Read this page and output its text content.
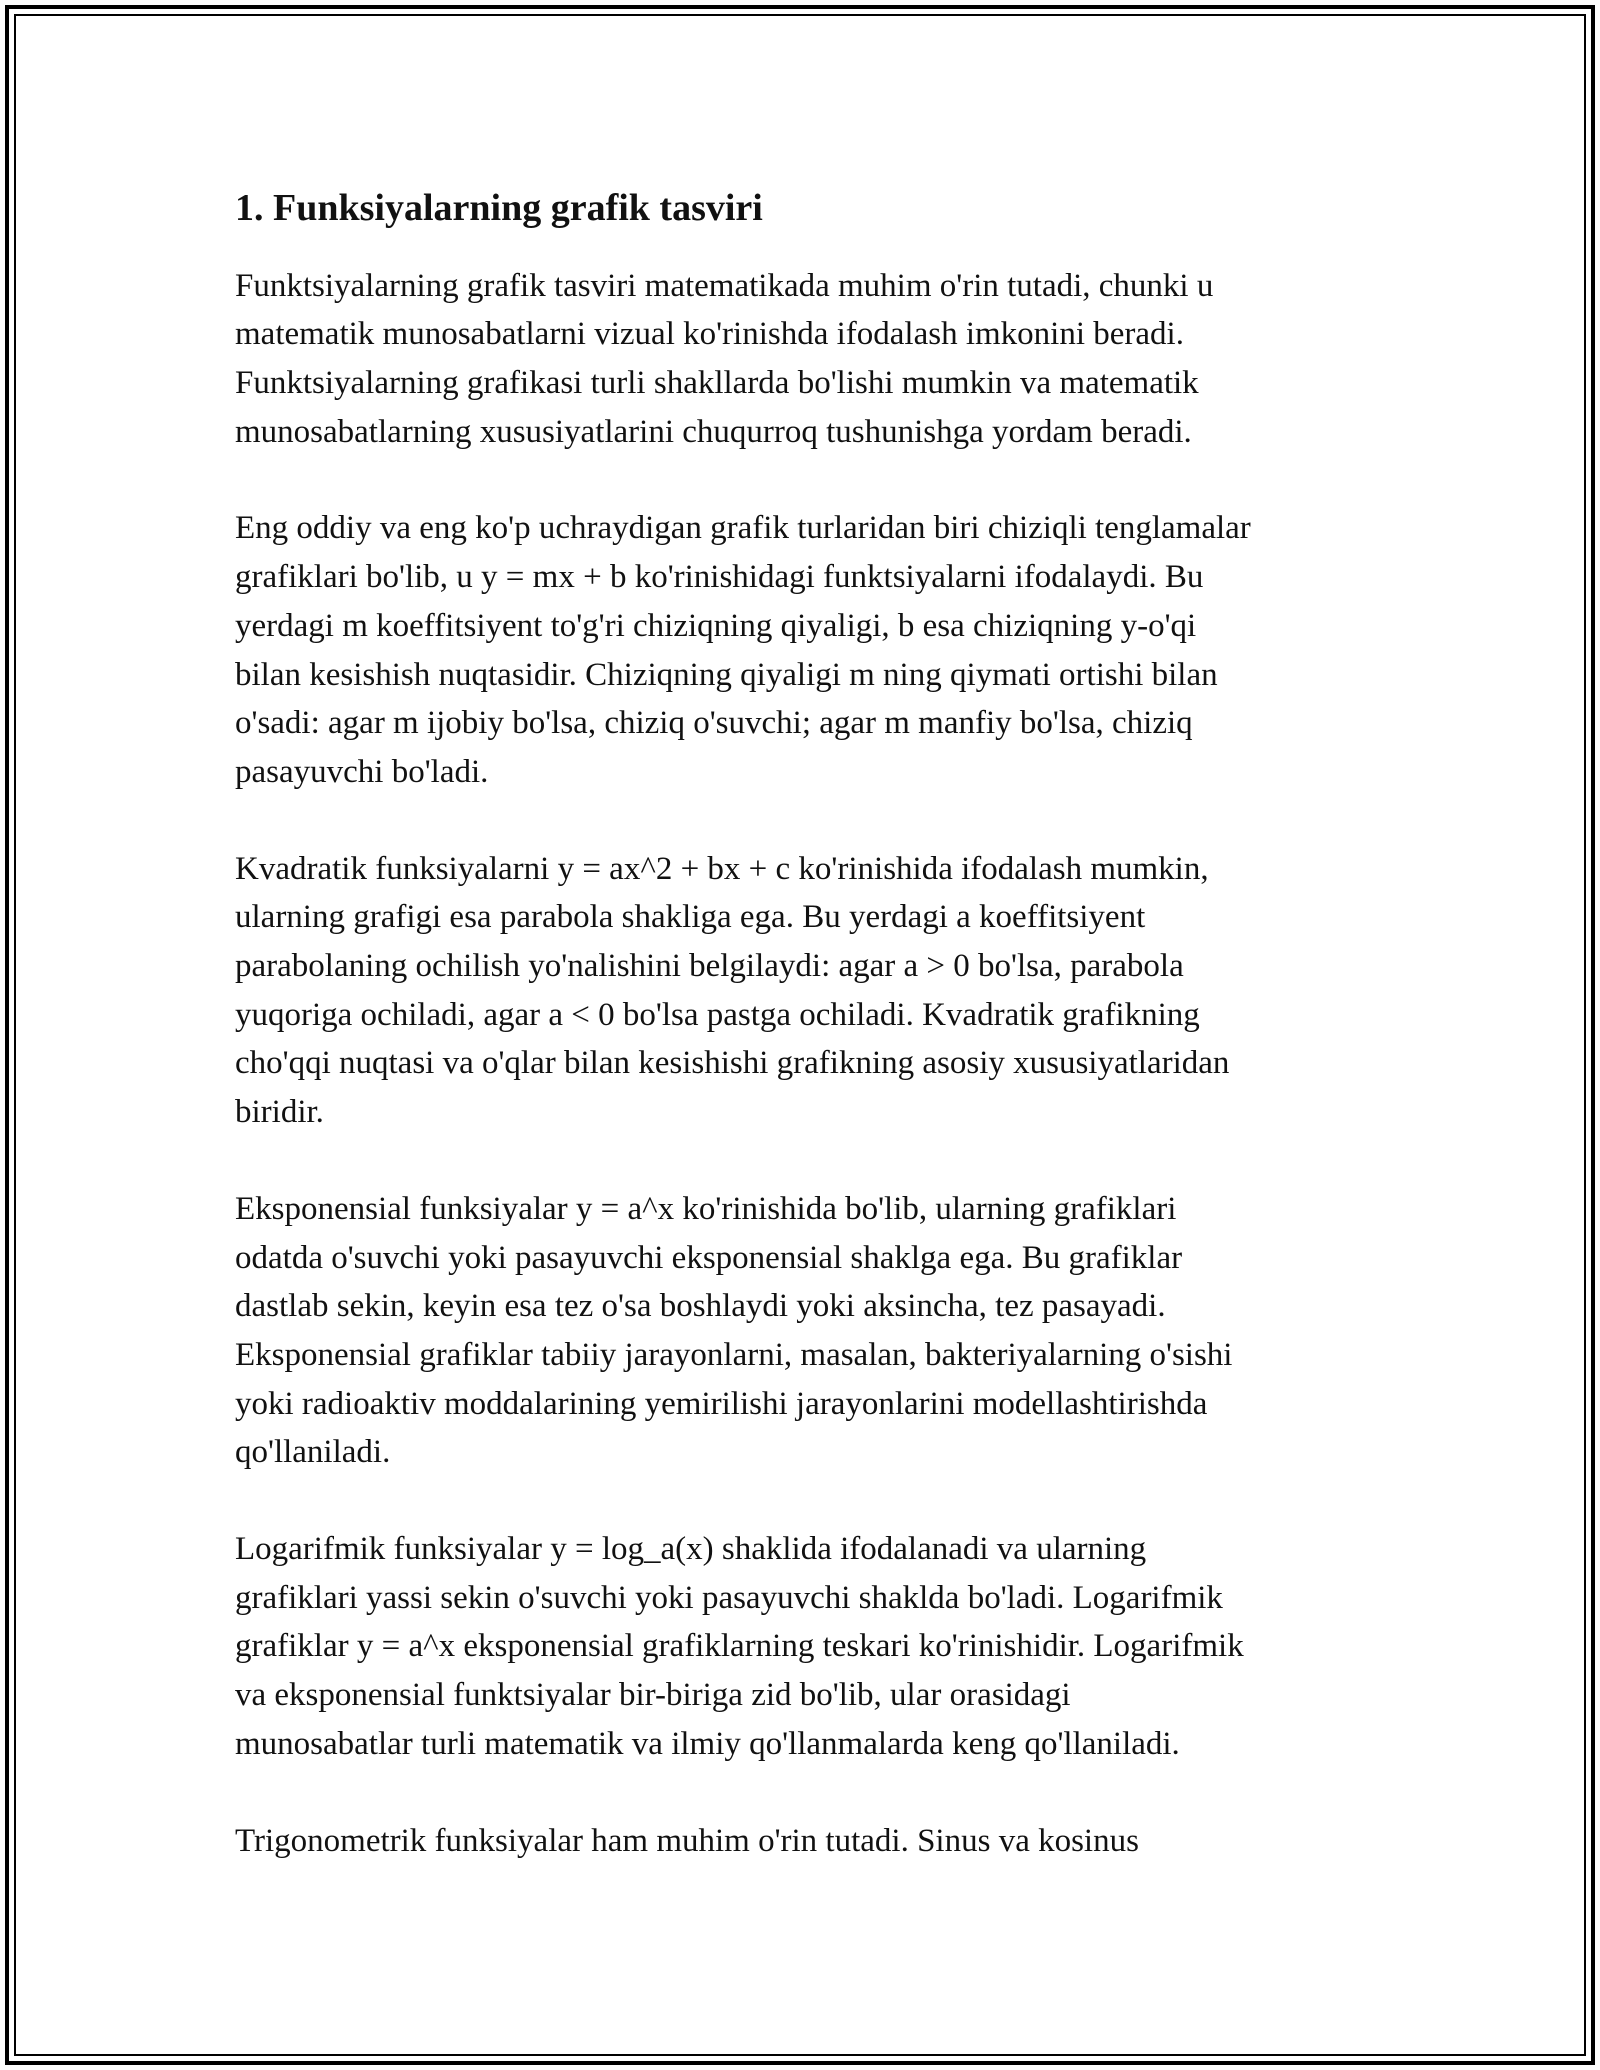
1. Funksiyalarning grafik tasviri

Funktsiyalarning grafik tasviri matematikada muhim o'rin tutadi, chunki u
matematik munosabatlarni vizual ko'rinishda ifodalash imkonini beradi.
Funktsiyalarning grafikasi turli shakllarda bo'lishi mumkin va matematik
munosabatlarning xususiyatlarini chuqurroq tushunishga yordam beradi.

Eng oddiy va eng ko'p uchraydigan grafik turlaridan biri chiziqli tenglamalar
grafiklari bo'lib, u y = mx + b ko'rinishidagi funktsiyalarni ifodalaydi. Bu
yerdagi m koeffitsiyent to'g'ri chiziqning qiyaligi, b esa chiziqning y-o'qi
bilan kesishish nuqtasidir. Chiziqning qiyaligi m ning qiymati ortishi bilan
o'sadi: agar m ijobiy bo'lsa, chiziq o'suvchi; agar m manfiy bo'lsa, chiziq
pasayuvchi bo'ladi.

Kvadratik funksiyalarni y = ax^2 + bx + c ko'rinishida ifodalash mumkin,
ularning grafigi esa parabola shakliga ega. Bu yerdagi a koeffitsiyent
parabolaning ochilish yo'nalishini belgilaydi: agar a > 0 bo'lsa, parabola
yuqoriga ochiladi, agar a < 0 bo'lsa pastga ochiladi. Kvadratik grafikning
cho'qqi nuqtasi va o'qlar bilan kesishishi grafikning asosiy xususiyatlaridan
biridir.

Eksponensial funksiyalar y = a^x ko'rinishida bo'lib, ularning grafiklari
odatda o'suvchi yoki pasayuvchi eksponensial shaklga ega. Bu grafiklar
dastlab sekin, keyin esa tez o'sa boshlaydi yoki aksincha, tez pasayadi.
Eksponensial grafiklar tabiiy jarayonlarni, masalan, bakteriyalarning o'sishi
yoki radioaktiv moddalarining yemirilishi jarayonlarini modellashtirishda
qo'llaniladi.

Logarifmik funksiyalar y = log_a(x) shaklida ifodalanadi va ularning
grafiklari yassi sekin o'suvchi yoki pasayuvchi shaklda bo'ladi. Logarifmik
grafiklar y = a^x eksponensial grafiklarning teskari ko'rinishidir. Logarifmik
va eksponensial funktsiyalar bir-biriga zid bo'lib, ular orasidagi
munosabatlar turli matematik va ilmiy qo'llanmalarda keng qo'llaniladi.

Trigonometrik funksiyalar ham muhim o'rin tutadi. Sinus va kosinus
